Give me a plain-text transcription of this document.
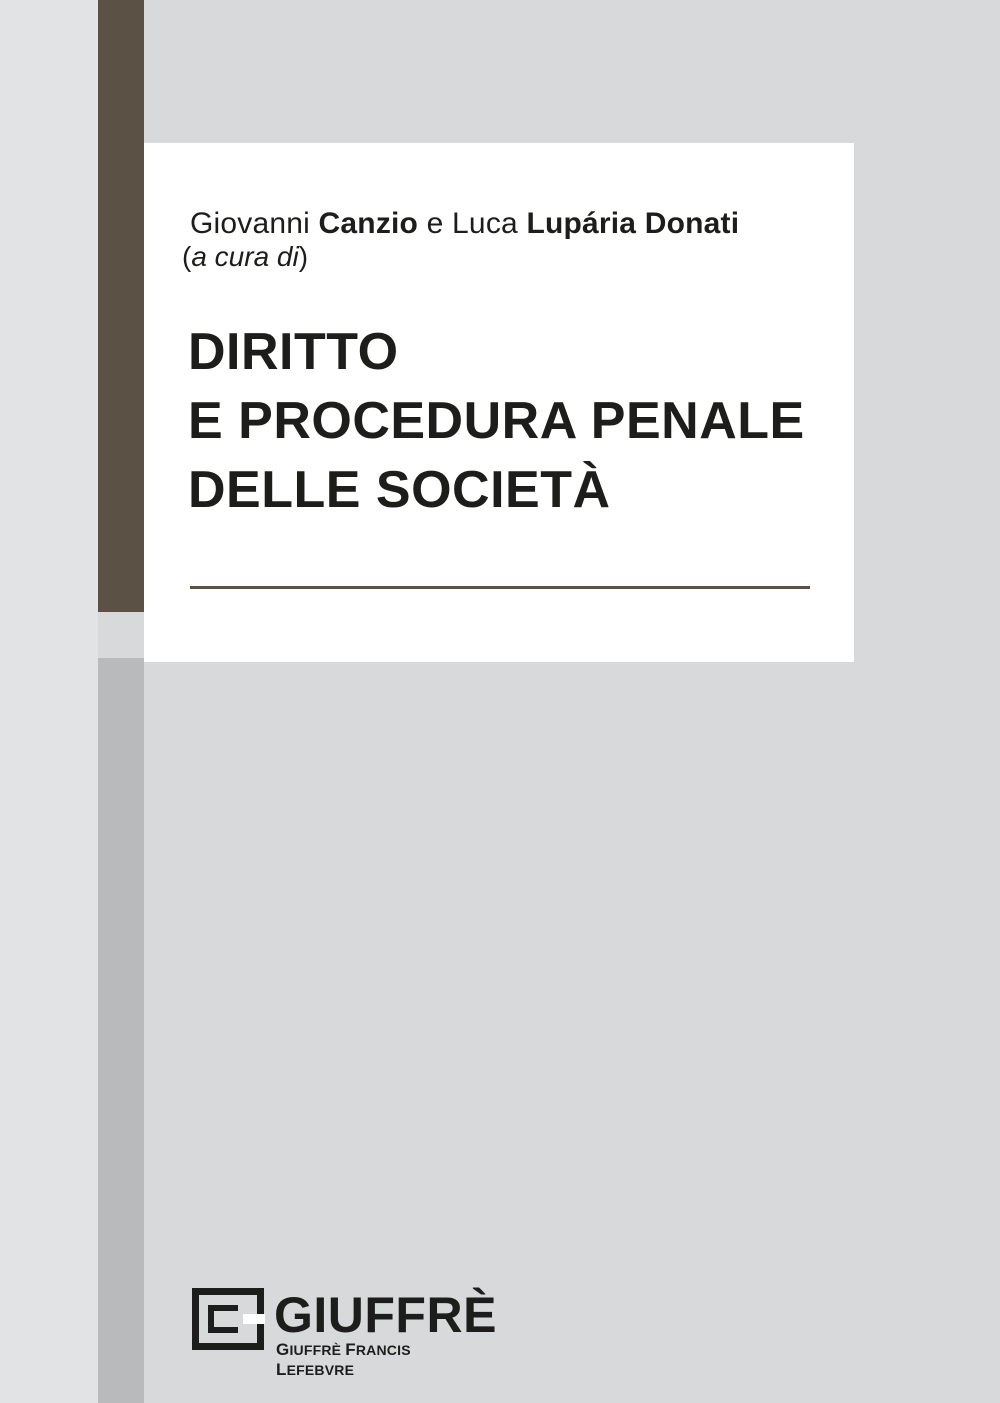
Giovanni Canzio e Luca Lupária Donati
(a cura di)
DIRITTO
E PROCEDURA PENALE
DELLE SOCIETÀ
GIUFFRÈ
GIUFFRÈ FRANCIS LEFEBVRE
